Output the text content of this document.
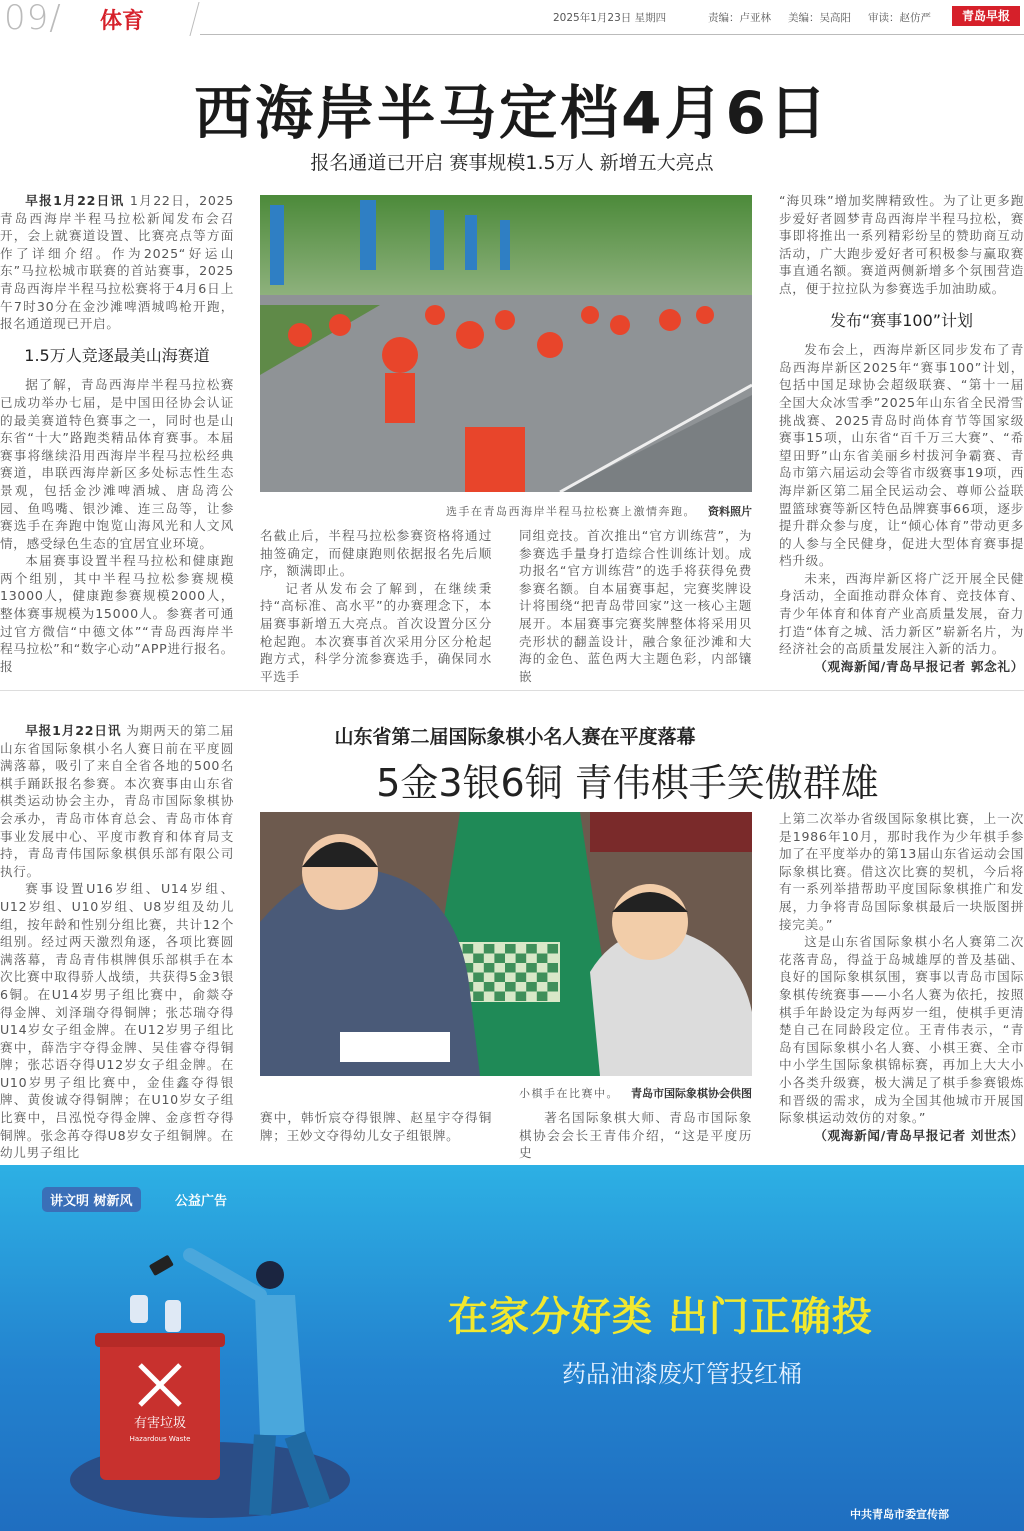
09/ 体育	2025年1月23日 星期四	责编：卢亚林 美编：吴高阳 审读：赵仿严	青岛早报
西海岸半马定档4月6日
报名通道已开启 赛事规模1.5万人 新增五大亮点

早报1月22日讯 1月22日，2025青岛西海岸半程马拉松新闻发布会召开，会上就赛道设置、比赛亮点等方面作了详细介绍。作为2025“好运山东”马拉松城市联赛的首站赛事，2025青岛西海岸半程马拉松赛将于4月6日上午7时30分在金沙滩啤酒城鸣枪开跑，报名通道现已开启。

1.5万人竞逐最美山海赛道

据了解，青岛西海岸半程马拉松赛已成功举办七届，是中国田径协会认证的最美赛道特色赛事之一，同时也是山东省“十大”路跑类精品体育赛事。本届赛事将继续沿用西海岸半程马拉松经典赛道，串联西海岸新区多处标志性生态景观，包括金沙滩啤酒城、唐岛湾公园、鱼鸣嘴、银沙滩、连三岛等，让参赛选手在奔跑中饱览山海风光和人文风情，感受绿色生态的宜居宜业环境。

本届赛事设置半程马拉松和健康跑两个组别，其中半程马拉松参赛规模13000人，健康跑参赛规模2000人，整体赛事规模为15000人。参赛者可通过官方微信“中德文体”“青岛西海岸半程马拉松”和“数字心动”APP进行报名。报

名截止后，半程马拉松参赛资格将通过抽签确定，而健康跑则依据报名先后顺序，额满即止。

记者从发布会了解到，在继续秉持“高标准、高水平”的办赛理念下，本届赛事新增五大亮点。首次设置分区分枪起跑。本次赛事首次采用分区分枪起跑方式，科学分流参赛选手，确保同水平选手

同组竞技。首次推出“官方训练营”，为参赛选手量身打造综合性训练计划。成功报名“官方训练营”的选手将获得免费参赛名额。自本届赛事起，完赛奖牌设计将围绕“把青岛带回家”这一核心主题展开。本届赛事完赛奖牌整体将采用贝壳形状的翻盖设计，融合象征沙滩和大海的金色、蓝色两大主题色彩，内部镶嵌

“海贝珠”增加奖牌精致性。为了让更多跑步爱好者圆梦青岛西海岸半程马拉松，赛事即将推出一系列精彩纷呈的赞助商互动活动，广大跑步爱好者可积极参与赢取赛事直通名额。赛道两侧新增多个氛围营造点，便于拉拉队为参赛选手加油助威。

发布“赛事100”计划

发布会上，西海岸新区同步发布了青岛西海岸新区2025年“赛事100”计划，包括中国足球协会超级联赛、“第十一届全国大众冰雪季”2025年山东省全民滑雪挑战赛、2025青岛时尚体育节等国家级赛事15项，山东省“百千万三大赛”、“希望田野”山东省美丽乡村拔河争霸赛、青岛市第六届运动会等省市级赛事19项，西海岸新区第二届全民运动会、尊师公益联盟篮球赛等新区特色品牌赛事66项，逐步提升群众参与度，让“倾心体育”带动更多的人参与全民健身，促进大型体育赛事提档升级。

未来，西海岸新区将广泛开展全民健身活动，全面推动群众体育、竞技体育、青少年体育和体育产业高质量发展，奋力打造“体育之城、活力新区”崭新名片，为经济社会的高质量发展注入新的活力。

（观海新闻/青岛早报记者 郭念礼）

选手在青岛西海岸半程马拉松赛上激情奔跑。 资料照片
山东省第二届国际象棋小名人赛在平度落幕
5金3银6铜 青伟棋手笑傲群雄

早报1月22日讯 为期两天的第二届山东省国际象棋小名人赛日前在平度圆满落幕，吸引了来自全省各地的500名棋手踊跃报名参赛。本次赛事由山东省棋类运动协会主办，青岛市国际象棋协会承办，青岛市体育总会、青岛市体育事业发展中心、平度市教育和体育局支持，青岛青伟国际象棋俱乐部有限公司执行。

赛事设置U16岁组、U14岁组、U12岁组、U10岁组、U8岁组及幼儿组，按年龄和性别分组比赛，共计12个组别。经过两天激烈角逐，各项比赛圆满落幕，青岛青伟棋牌俱乐部棋手在本次比赛中取得骄人战绩，共获得5金3银6铜。在U14岁男子组比赛中，俞燚夺得金牌、刘泽瑞夺得铜牌；张芯瑞夺得U14岁女子组金牌。在U12岁男子组比赛中，薛浩宇夺得金牌、吴佳睿夺得铜牌；张芯语夺得U12岁女子组金牌。在U10岁男子组比赛中，金佳鑫夺得银牌、黄俊诚夺得铜牌；在U10岁女子组比赛中，吕泓悦夺得金牌、金彦哲夺得铜牌。张念苒夺得U8岁女子组铜牌。在幼儿男子组比

赛中，韩忻宸夺得银牌、赵星宇夺得铜牌；王妙文夺得幼儿女子组银牌。

著名国际象棋大师、青岛市国际象棋协会会长王青伟介绍，“这是平度历史

上第二次举办省级国际象棋比赛，上一次是1986年10月，那时我作为少年棋手参加了在平度举办的第13届山东省运动会国际象棋比赛。借这次比赛的契机，今后将有一系列举措帮助平度国际象棋推广和发展，力争将青岛国际象棋最后一块版图拼接完美。”

这是山东省国际象棋小名人赛第二次花落青岛，得益于岛城雄厚的普及基础、良好的国际象棋氛围，赛事以青岛市国际象棋传统赛事——小名人赛为依托，按照棋手年龄设定为每两岁一组，使棋手更清楚自己在同龄段定位。王青伟表示，“青岛有国际象棋小名人赛、小棋王赛、全市中小学生国际象棋锦标赛，再加上大大小小各类升级赛，极大满足了棋手参赛锻炼和晋级的需求，成为全国其他城市开展国际象棋运动效仿的对象。”

（观海新闻/青岛早报记者 刘世杰）

小棋手在比赛中。 青岛市国际象棋协会供图
有害垃圾
Hazardous Waste
讲文明 树新风	公益广告
在家分好类 出门正确投
药品油漆废灯管投红桶
中共青岛市委宣传部
